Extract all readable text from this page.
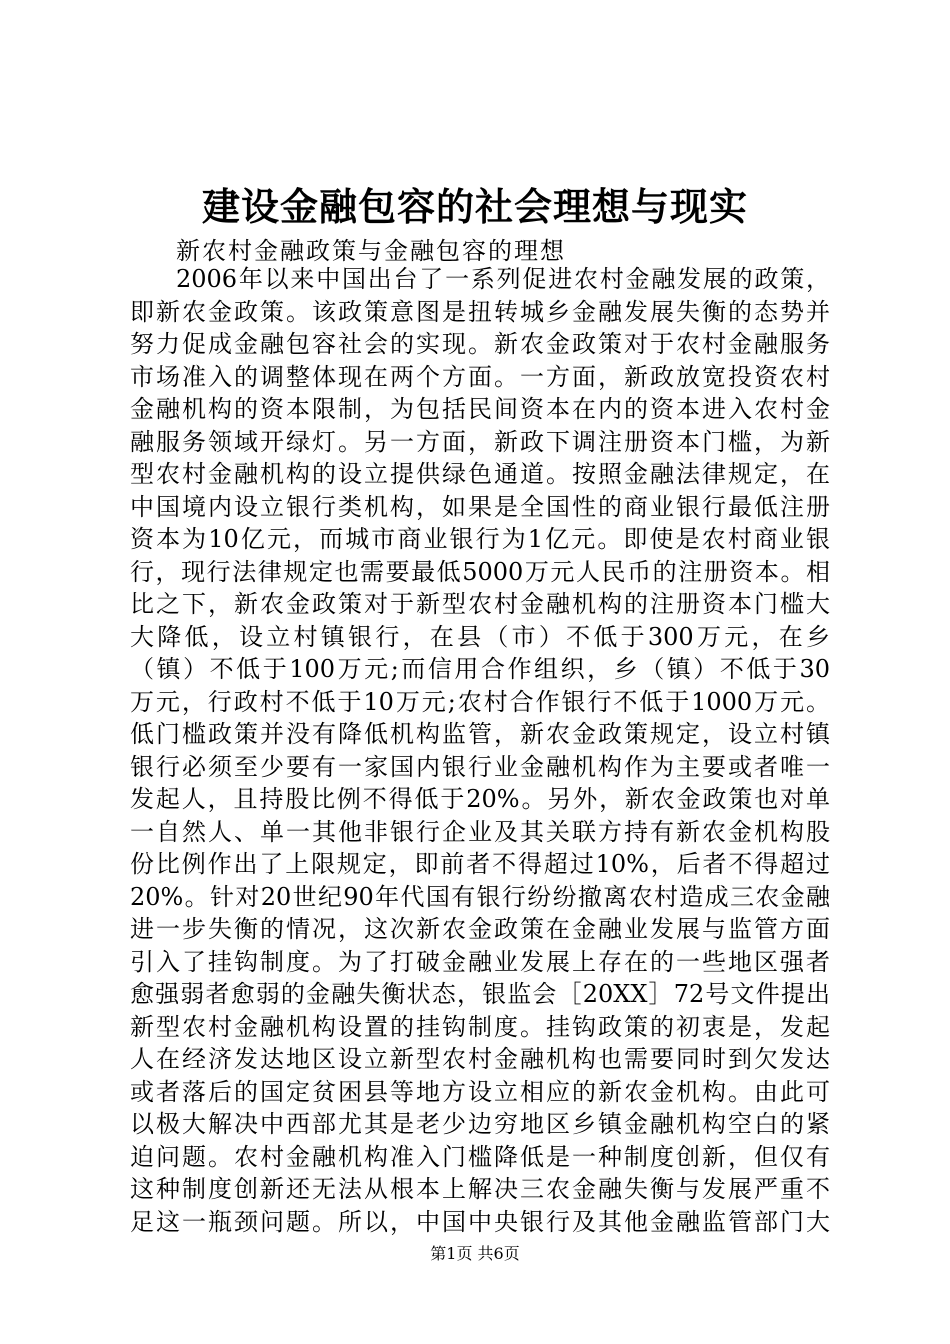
建设金融包容的社会理想与现实

新农村金融政策与金融包容的理想

2006年以来中国出台了一系列促进农村金融发展的政策，
即新农金政策。该政策意图是扭转城乡金融发展失衡的态势并
努力促成金融包容社会的实现。新农金政策对于农村金融服务
市场准入的调整体现在两个方面。一方面，新政放宽投资农村
金融机构的资本限制，为包括民间资本在内的资本进入农村金
融服务领域开绿灯。另一方面，新政下调注册资本门槛，为新
型农村金融机构的设立提供绿色通道。按照金融法律规定，在
中国境内设立银行类机构，如果是全国性的商业银行最低注册
资本为10亿元，而城市商业银行为1亿元。即使是农村商业银
行，现行法律规定也需要最低5000万元人民币的注册资本。相
比之下，新农金政策对于新型农村金融机构的注册资本门槛大
大降低，设立村镇银行，在县（市）不低于300万元，在乡
（镇）不低于100万元;而信用合作组织，乡（镇）不低于30
万元，行政村不低于10万元;农村合作银行不低于1000万元。
低门槛政策并没有降低机构监管，新农金政策规定，设立村镇
银行必须至少要有一家国内银行业金融机构作为主要或者唯一
发起人，且持股比例不得低于20%。另外，新农金政策也对单
一自然人、单一其他非银行企业及其关联方持有新农金机构股
份比例作出了上限规定，即前者不得超过10%，后者不得超过
20%。针对20世纪90年代国有银行纷纷撤离农村造成三农金融
进一步失衡的情况，这次新农金政策在金融业发展与监管方面
引入了挂钩制度。为了打破金融业发展上存在的一些地区强者
愈强弱者愈弱的金融失衡状态，银监会［20XX］72号文件提出
新型农村金融机构设置的挂钩制度。挂钩政策的初衷是，发起
人在经济发达地区设立新型农村金融机构也需要同时到欠发达
或者落后的国定贫困县等地方设立相应的新农金机构。由此可
以极大解决中西部尤其是老少边穷地区乡镇金融机构空白的紧
迫问题。农村金融机构准入门槛降低是一种制度创新，但仅有
这种制度创新还无法从根本上解决三农金融失衡与发展严重不
足这一瓶颈问题。所以，中国中央银行及其他金融监管部门大
第1页 共6页
